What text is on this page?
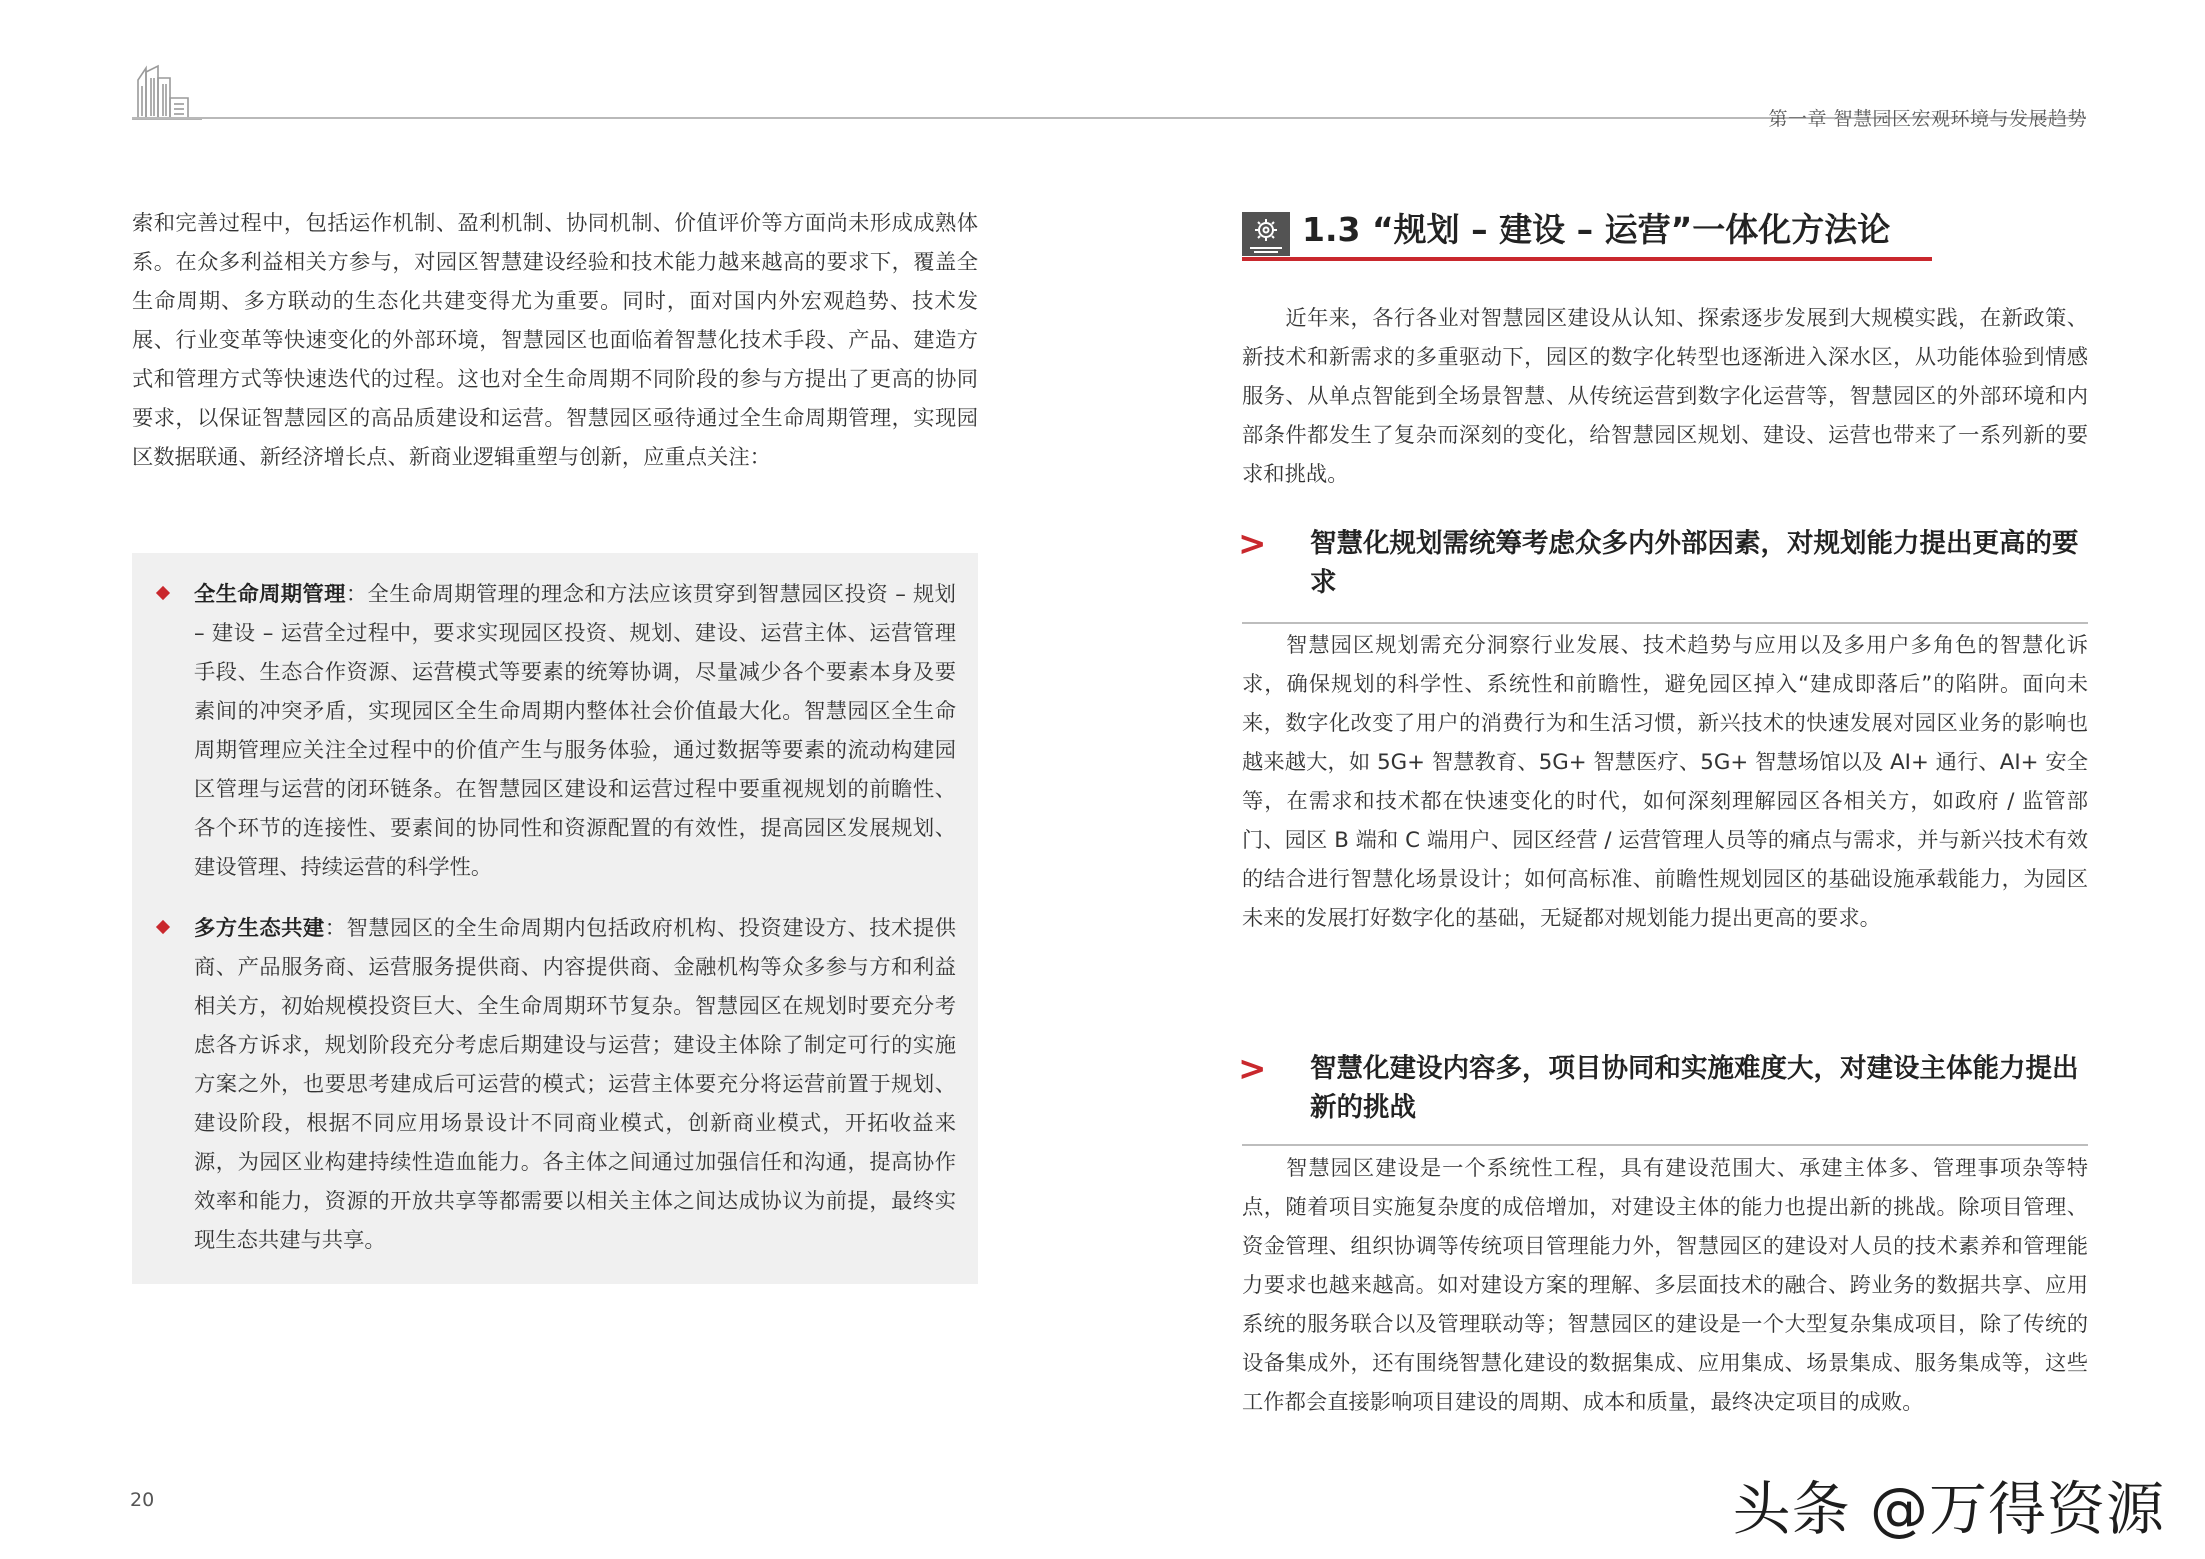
第一章 智慧园区宏观环境与发展趋势
索和完善过程中，包括运作机制、盈利机制、协同机制、价值评价等方面尚未形成成熟体系。在众多利益相关方参与，对园区智慧建设经验和技术能力越来越高的要求下，覆盖全生命周期、多方联动的生态化共建变得尤为重要。同时，面对国内外宏观趋势、技术发展、行业变革等快速变化的外部环境，智慧园区也面临着智慧化技术手段、产品、建造方式和管理方式等快速迭代的过程。这也对全生命周期不同阶段的参与方提出了更高的协同要求，以保证智慧园区的高品质建设和运营。智慧园区亟待通过全生命周期管理，实现园区数据联通、新经济增长点、新商业逻辑重塑与创新，应重点关注：
全生命周期管理：全生命周期管理的理念和方法应该贯穿到智慧园区投资 – 规划 – 建设 – 运营全过程中，要求实现园区投资、规划、建设、运营主体、运营管理手段、生态合作资源、运营模式等要素的统筹协调，尽量减少各个要素本身及要素间的冲突矛盾，实现园区全生命周期内整体社会价值最大化。智慧园区全生命周期管理应关注全过程中的价值产生与服务体验，通过数据等要素的流动构建园区管理与运营的闭环链条。在智慧园区建设和运营过程中要重视规划的前瞻性、各个环节的连接性、要素间的协同性和资源配置的有效性，提高园区发展规划、建设管理、持续运营的科学性。
多方生态共建：智慧园区的全生命周期内包括政府机构、投资建设方、技术提供商、产品服务商、运营服务提供商、内容提供商、金融机构等众多参与方和利益相关方，初始规模投资巨大、全生命周期环节复杂。智慧园区在规划时要充分考虑各方诉求，规划阶段充分考虑后期建设与运营；建设主体除了制定可行的实施方案之外，也要思考建成后可运营的模式；运营主体要充分将运营前置于规划、建设阶段，根据不同应用场景设计不同商业模式，创新商业模式，开拓收益来源，为园区业构建持续性造血能力。各主体之间通过加强信任和沟通，提高协作效率和能力，资源的开放共享等都需要以相关主体之间达成协议为前提，最终实现生态共建与共享。
20
1.3 “规划 – 建设 – 运营”一体化方法论
近年来，各行各业对智慧园区建设从认知、探索逐步发展到大规模实践，在新政策、新技术和新需求的多重驱动下，园区的数字化转型也逐渐进入深水区，从功能体验到情感服务、从单点智能到全场景智慧、从传统运营到数字化运营等，智慧园区的外部环境和内部条件都发生了复杂而深刻的变化，给智慧园区规划、建设、运营也带来了一系列新的要求和挑战。
> 智慧化规划需统筹考虑众多内外部因素，对规划能力提出更高的要求
智慧园区规划需充分洞察行业发展、技术趋势与应用以及多用户多角色的智慧化诉求，确保规划的科学性、系统性和前瞻性，避免园区掉入“建成即落后”的陷阱。面向未来，数字化改变了用户的消费行为和生活习惯，新兴技术的快速发展对园区业务的影响也越来越大，如 5G+ 智慧教育、5G+ 智慧医疗、5G+ 智慧场馆以及 AI+ 通行、AI+ 安全等，在需求和技术都在快速变化的时代，如何深刻理解园区各相关方，如政府 / 监管部门、园区 B 端和 C 端用户、园区经营 / 运营管理人员等的痛点与需求，并与新兴技术有效的结合进行智慧化场景设计；如何高标准、前瞻性规划园区的基础设施承载能力，为园区未来的发展打好数字化的基础，无疑都对规划能力提出更高的要求。
> 智慧化建设内容多，项目协同和实施难度大，对建设主体能力提出新的挑战
智慧园区建设是一个系统性工程，具有建设范围大、承建主体多、管理事项杂等特点，随着项目实施复杂度的成倍增加，对建设主体的能力也提出新的挑战。除项目管理、资金管理、组织协调等传统项目管理能力外，智慧园区的建设对人员的技术素养和管理能力要求也越来越高。如对建设方案的理解、多层面技术的融合、跨业务的数据共享、应用系统的服务联合以及管理联动等；智慧园区的建设是一个大型复杂集成项目，除了传统的设备集成外，还有围绕智慧化建设的数据集成、应用集成、场景集成、服务集成等，这些工作都会直接影响项目建设的周期、成本和质量，最终决定项目的成败。
头条 @万得资源
